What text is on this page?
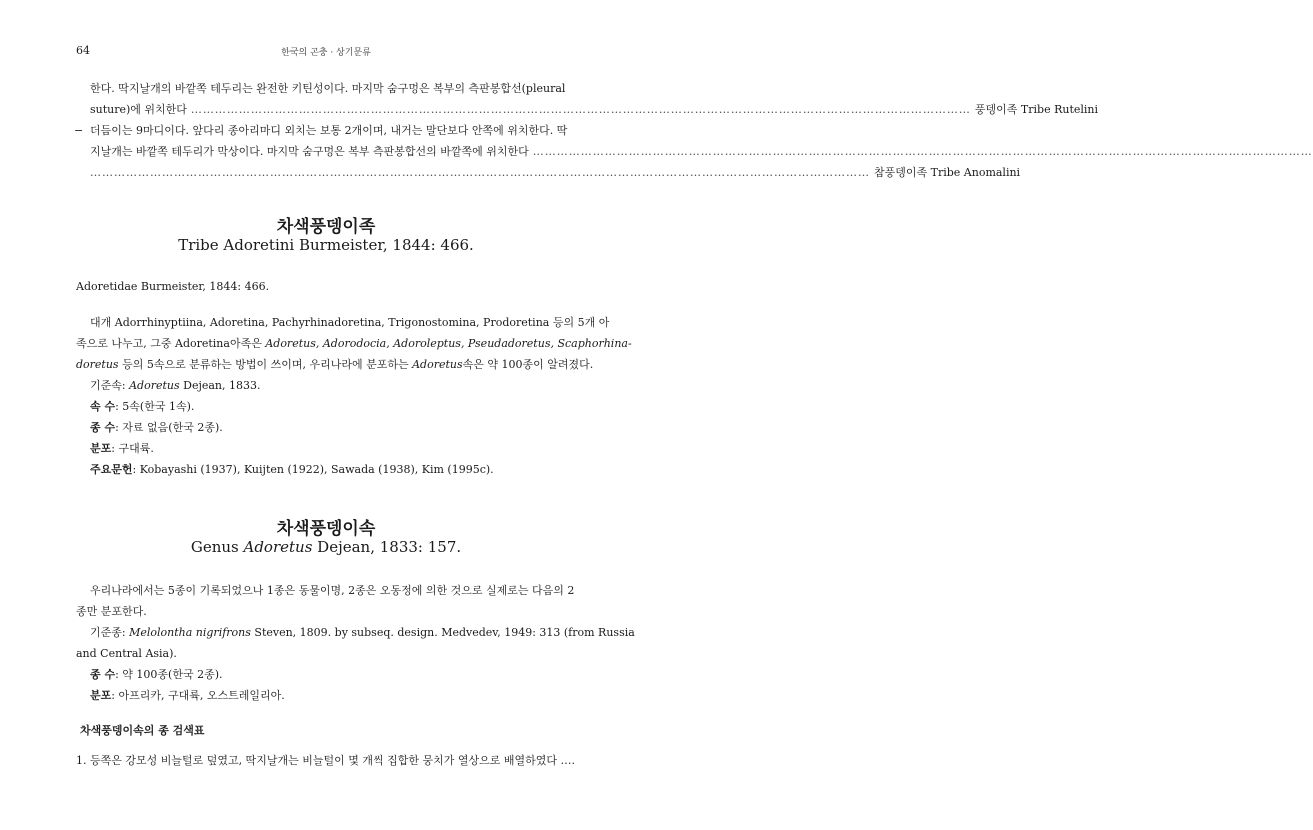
64	한국의 곤충 · 상기문류
한다. 딱지날개의 바깥쪽 테두리는 완전한 키틴성이다. 마지막 숨구멍은 복부의 측판봉합선(pleural
suture)에 위치한다
……………………………………………………………………………………………………………………………………………………………………………	풍뎅이족 Tribe Rutelini
− 더듬이는 9마디이다. 앞다리 종아리마디 외치는 보통 2개이며, 내거는 말단보다 안쪽에 위치한다. 딱
지날개는 바깥쪽 테두리가 막상이다. 마지막 숨구멍은 복부 측판봉합선의 바깥쪽에 위치한다
……………………………………………………………………………………………………………………………………………………………………………
……………………………………………………………………………………………………………………………………………………………………………
참풍뎅이족 Tribe Anomalini
차색풍뎅이족
Tribe Adoretini Burmeister, 1844: 466.
Adoretidae Burmeister, 1844: 466.
대개 Adorrhinyptiina, Adoretina, Pachyrhinadoretina, Trigonostomina, Prodoretina 등의 5개 아
족으로 나누고, 그중 Adoretina아족은 Adoretus, Adorodocia, Adoroleptus, Pseudadoretus, Scaphorhina-
doretus 등의 5속으로 분류하는 방법이 쓰이며, 우리나라에 분포하는 Adoretus속은 약 100종이 알려졌다.
기준속: Adoretus Dejean, 1833.
속 수: 5속(한국 1속).
종 수: 자료 없음(한국 2종).
분포: 구대륙.
주요문헌: Kobayashi (1937), Kuijten (1922), Sawada (1938), Kim (1995c).
차색풍뎅이속
Genus Adoretus Dejean, 1833: 157.
우리나라에서는 5종이 기록되었으나 1종은 동물이명, 2종은 오동정에 의한 것으로 실제로는 다음의 2
종만 분포한다.
기준종: Melolontha nigrifrons Steven, 1809. by subseq. design. Medvedev, 1949: 313 (from Russia
and Central Asia).
종 수: 약 100종(한국 2종).
분포: 아프리카, 구대륙, 오스트레일리아.
차색풍뎅이속의 종 검색표
1. 등쪽은 강모성 비늘털로 덮였고, 딱지날개는 비늘털이 몇 개씩 집합한 뭉치가 열상으로 배열하였다 ….
